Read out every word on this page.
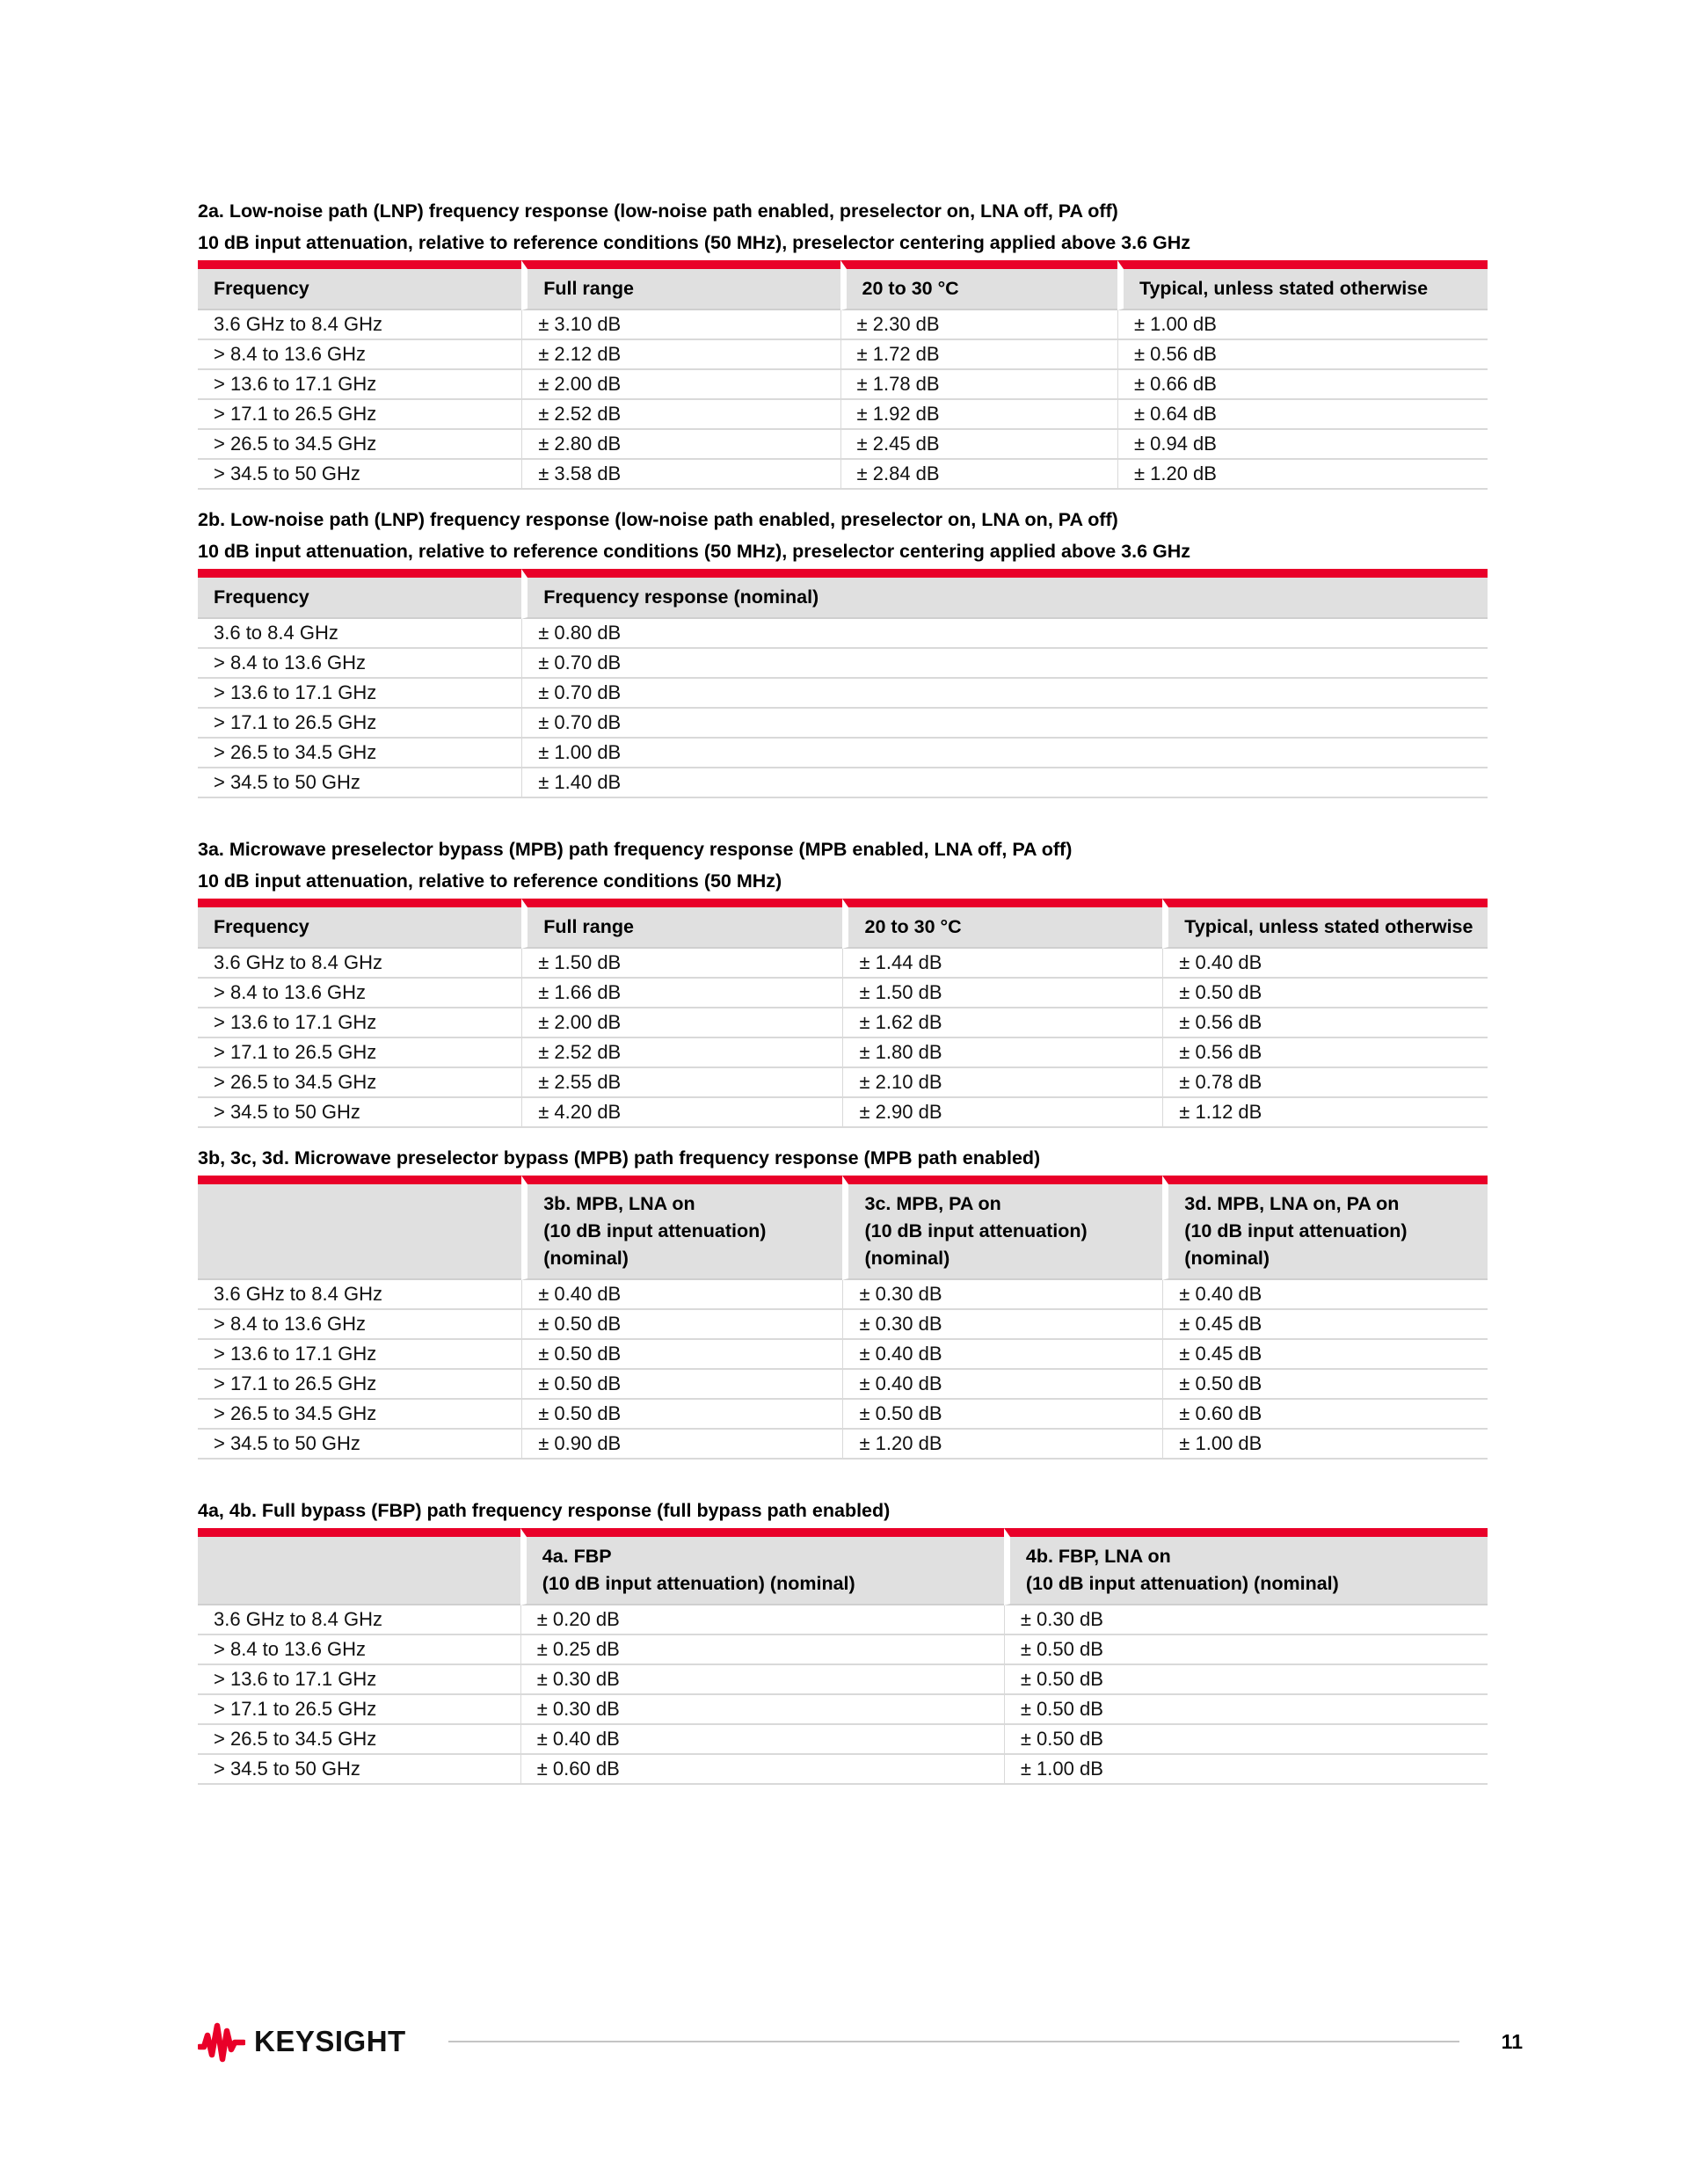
2a. Low-noise path (LNP) frequency response (low-noise path enabled, preselector on, LNA off, PA off)
10 dB input attenuation, relative to reference conditions (50 MHz), preselector centering applied above 3.6 GHz
Frequency	Full range	20 to 30 °C	Typical, unless stated otherwise
3.6 GHz to 8.4 GHz	± 3.10 dB	± 2.30 dB	± 1.00 dB
> 8.4 to 13.6 GHz	± 2.12 dB	± 1.72 dB	± 0.56 dB
> 13.6 to 17.1 GHz	± 2.00 dB	± 1.78 dB	± 0.66 dB
> 17.1 to 26.5 GHz	± 2.52 dB	± 1.92 dB	± 0.64 dB
> 26.5 to 34.5 GHz	± 2.80 dB	± 2.45 dB	± 0.94 dB
> 34.5 to 50 GHz	± 3.58 dB	± 2.84 dB	± 1.20 dB
2b. Low-noise path (LNP) frequency response (low-noise path enabled, preselector on, LNA on, PA off)
10 dB input attenuation, relative to reference conditions (50 MHz), preselector centering applied above 3.6 GHz
Frequency	Frequency response (nominal)
3.6 to 8.4 GHz	± 0.80 dB
> 8.4 to 13.6 GHz	± 0.70 dB
> 13.6 to 17.1 GHz	± 0.70 dB
> 17.1 to 26.5 GHz	± 0.70 dB
> 26.5 to 34.5 GHz	± 1.00 dB
> 34.5 to 50 GHz	± 1.40 dB
3a. Microwave preselector bypass (MPB) path frequency response (MPB enabled, LNA off, PA off)
10 dB input attenuation, relative to reference conditions (50 MHz)
Frequency	Full range	20 to 30 °C	Typical, unless stated otherwise
3.6 GHz to 8.4 GHz	± 1.50 dB	± 1.44 dB	± 0.40 dB
> 8.4 to 13.6 GHz	± 1.66 dB	± 1.50 dB	± 0.50 dB
> 13.6 to 17.1 GHz	± 2.00 dB	± 1.62 dB	± 0.56 dB
> 17.1 to 26.5 GHz	± 2.52 dB	± 1.80 dB	± 0.56 dB
> 26.5 to 34.5 GHz	± 2.55 dB	± 2.10 dB	± 0.78 dB
> 34.5 to 50 GHz	± 4.20 dB	± 2.90 dB	± 1.12 dB
3b, 3c, 3d. Microwave preselector bypass (MPB) path frequency response (MPB path enabled)
	3b. MPB, LNA on
(10 dB input attenuation)
(nominal)	3c. MPB, PA on
(10 dB input attenuation)
(nominal)	3d. MPB, LNA on, PA on
(10 dB input attenuation)
(nominal)
3.6 GHz to 8.4 GHz	± 0.40 dB	± 0.30 dB	± 0.40 dB
> 8.4 to 13.6 GHz	± 0.50 dB	± 0.30 dB	± 0.45 dB
> 13.6 to 17.1 GHz	± 0.50 dB	± 0.40 dB	± 0.45 dB
> 17.1 to 26.5 GHz	± 0.50 dB	± 0.40 dB	± 0.50 dB
> 26.5 to 34.5 GHz	± 0.50 dB	± 0.50 dB	± 0.60 dB
> 34.5 to 50 GHz	± 0.90 dB	± 1.20 dB	± 1.00 dB
4a, 4b. Full bypass (FBP) path frequency response (full bypass path enabled)
	4a. FBP
(10 dB input attenuation) (nominal)	4b. FBP, LNA on
(10 dB input attenuation) (nominal)
3.6 GHz to 8.4 GHz	± 0.20 dB	± 0.30 dB
> 8.4 to 13.6 GHz	± 0.25 dB	± 0.50 dB
> 13.6 to 17.1 GHz	± 0.30 dB	± 0.50 dB
> 17.1 to 26.5 GHz	± 0.30 dB	± 0.50 dB
> 26.5 to 34.5 GHz	± 0.40 dB	± 0.50 dB
> 34.5 to 50 GHz	± 0.60 dB	± 1.00 dB
KEYSIGHT	11
